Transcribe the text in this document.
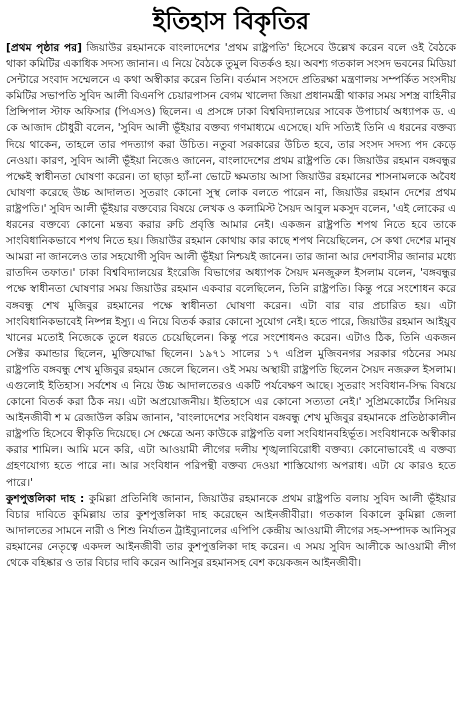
ইতিহাস বিকৃতির

[প্রথম পৃষ্ঠার পর] জিয়াউর রহমানকে বাংলাদেশের 'প্রথম রাষ্ট্রপতি' হিসেবে উল্লেখ করেন বলে ওই বৈঠকে থাকা কমিটির একাধিক সদস্য জানান। এ নিয়ে বৈঠকে তুমুল বিতর্কও হয়। অবশ্য গতকাল সংসদ ভবনের মিডিয়া সেন্টারে সংবাদ সম্মেলনে এ কথা অস্বীকার করেন তিনি। বর্তমান সংসদে প্রতিরক্ষা মন্ত্রণালয় সম্পর্কিত সংসদীয় কমিটির সভাপতি সুবিদ আলী বিএনপি চেয়ারপাসন বেগম খালেদা জিয়া প্রধানমন্ত্রী থাকার সময় সশস্ত্র বাহিনীর প্রিন্সিপাল স্টাফ অফিসার (পিএসও) ছিলেন। এ প্রসঙ্গে ঢাকা বিশ্ববিদ্যালয়ের সাবেক উপাচার্য অধ্যাপক ড. এ কে আজাদ চৌধুরী বলেন, 'সুবিদ আলী ভূঁইয়ার বক্তব্য গণমাধ্যমে এসেছে। যদি সত্যিই তিনি এ ধরনের বক্তব্য দিয়ে থাকেন, তাহলে তার পদত্যাগ করা উচিত। নতুবা সরকারের উচিত হবে, তার সংসদ সদস্য পদ কেড়ে নেওয়া। কারণ, সুবিদ আলী ভূঁইয়া নিজেও জানেন, বাংলাদেশের প্রথম রাষ্ট্রপতি কে। জিয়াউর রহমান বঙ্গবন্ধুর পক্ষেই স্বাধীনতা ঘোষণা করেন। তা ছাড়া হ্যাঁ-না ভোটে ক্ষমতায় আসা জিয়াউর রহমানের শাসনামলকে অবৈধ ঘোষণা করেছে উচ্চ আদালত। সুতরাং কোনো সুস্থ লোক বলতে পারেন না, জিয়াউর রহমান দেশের প্রথম রাষ্ট্রপতি।' সুবিদ আলী ভূঁইয়ার বক্তব্যের বিষয়ে লেখক ও কলামিস্ট সৈয়দ আবুল মকসুদ বলেন, 'এই লোকের এ ধরনের বক্তব্যে কোনো মন্তব্য করার রুচি প্রবৃত্তি আমার নেই। একজন রাষ্ট্রপতি শপথ নিতে হবে তাকে সাংবিধানিকভাবে শপথ নিতে হয়। জিয়াউর রহমান কোথায় কার কাছে শপথ নিয়েছিলেন, সে কথা দেশের মানুষ আমরা না জানলেও তার সহযোগী সুবিদ আলী ভূঁইয়া নিশ্চয়ই জানেন। তার জানা আর দেশবাসীর জানার মধ্যে রাতদিন তফাত।' ঢাকা বিশ্ববিদ্যালয়ের ইংরেজি বিভাগের অধ্যাপক সৈয়দ মনজুরুল ইসলাম বলেন, 'বঙ্গবন্ধুর পক্ষে স্বাধীনতা ঘোষণার সময় জিয়াউর রহমান একবার বলেছিলেন, তিনি রাষ্ট্রপতি। কিন্তু পরে সংশোধন করে বঙ্গবন্ধু শেখ মুজিবুর রহমানের পক্ষে স্বাধীনতা ঘোষণা করেন। এটা বার বার প্রচারিত হয়। এটা সাংবিধানিকভাবেই নিষ্পন্ন ইস্যু। এ নিয়ে বিতর্ক করার কোনো সুযোগ নেই। হতে পারে, জিয়াউর রহমান আইয়ুব খানের মতোই নিজেকে তুলে ধরতে চেয়েছিলেন। কিন্তু পরে সংশোধনও করেন। এটাও ঠিক, তিনি একজন সেক্টর কমান্ডার ছিলেন, মুক্তিযোদ্ধা ছিলেন। ১৯৭১ সালের ১৭ এপ্রিল মুজিবনগর সরকার গঠনের সময় রাষ্ট্রপতি বঙ্গবন্ধু শেখ মুজিবুর রহমান জেলে ছিলেন। ওই সময় অস্থায়ী রাষ্ট্রপতি ছিলেন সৈয়দ নজরুল ইসলাম। এগুলোই ইতিহাস। সর্বশেষ এ নিয়ে উচ্চ আদালতেরও একটি পর্যবেক্ষণ আছে। সুতরাং সংবিধান-সিদ্ধ বিষয়ে কোনো বিতর্ক করা ঠিক নয়। এটা অপ্রয়োজনীয়। ইতিহাসে এর কোনো সত্যতা নেই।' সুপ্রিমকোর্টের সিনিয়র আইনজীবী শ ম রেজাউল করিম জানান, 'বাংলাদেশের সংবিধান বঙ্গবন্ধু শেখ মুজিবুর রহমানকে প্রতিষ্ঠাকালীন রাষ্ট্রপতি হিসেবে স্বীকৃতি দিয়েছে। সে ক্ষেত্রে অন্য কাউকে রাষ্ট্রপতি বলা সংবিধানবহির্ভূত। সংবিধানকে অস্বীকার করার শামিল। আমি মনে করি, এটা আওয়ামী লীগের দলীয় শৃঙ্খলাবিরোধী বক্তব্য। কোনোভাবেই এ বক্তব্য গ্রহণযোগ্য হতে পারে না। আর সংবিধান পরিপন্থী বক্তব্য দেওয়া শাস্তিযোগ্য অপরাধ। এটা যে কারও হতে পারে।'

কুশপুত্তলিকা দাহ : কুমিল্লা প্রতিনিধি জানান, জিয়াউর রহমানকে প্রথম রাষ্ট্রপতি বলায় সুবিদ আলী ভূঁইয়ার বিচার দাবিতে কুমিল্লায় তার কুশপুত্তলিকা দাহ করেছেন আইনজীবীরা। গতকাল বিকালে কুমিল্লা জেলা আদালতের সামনে নারী ও শিশু নির্যাতন ট্রাইব্যুনালের এপিপি কেন্দ্রীয় আওয়ামী লীগের সহ-সম্পাদক আনিসুর রহমানের নেতৃত্বে একদল আইনজীবী তার কুশপুত্তলিকা দাহ করেন। এ সময় সুবিদ আলীকে আওয়ামী লীগ থেকে বহিষ্কার ও তার বিচার দাবি করেন আনিসুর রহমানসহ বেশ কয়েকজন আইনজীবী।
